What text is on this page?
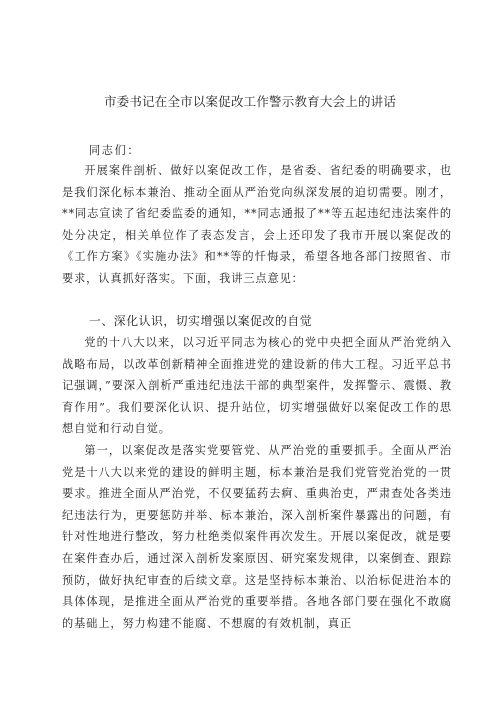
市委书记在全市以案促改工作警示教育大会上的讲话
同志们：

开展案件剖析、做好以案促改工作，是省委、省纪委的明确要求，也是我们深化标本兼治、推动全面从严治党向纵深发展的迫切需要。刚才，**同志宣读了省纪委监委的通知，**同志通报了**等五起违纪违法案件的处分决定，相关单位作了表态发言，会上还印发了我市开展以案促改的《工作方案》《实施办法》和**等的忏悔录，希望各地各部门按照省、市要求，认真抓好落实。下面，我讲三点意见：

一、深化认识，切实增强以案促改的自觉

党的十八大以来，以习近平同志为核心的党中央把全面从严治党纳入战略布局，以改革创新精神全面推进党的建设新的伟大工程。习近平总书记强调，”要深入剖析严重违纪违法干部的典型案件，发挥警示、震慑、教育作用”。我们要深化认识、提升站位，切实增强做好以案促改工作的思想自觉和行动自觉。

第一，以案促改是落实党要管党、从严治党的重要抓手。全面从严治党是十八大以来党的建设的鲜明主题，标本兼治是我们党管党治党的一贯要求。推进全面从严治党，不仅要猛药去痾、重典治吏，严肃查处各类违纪违法行为，更要惩防并举、标本兼治，深入剖析案件暴露出的问题，有针对性地进行整改，努力杜绝类似案件再次发生。开展以案促改，就是要在案件查办后，通过深入剖析发案原因、研究案发规律，以案倒查、跟踪预防，做好执纪审查的后续文章。这是坚持标本兼治、以治标促进治本的具体体现，是推进全面从严治党的重要举措。各地各部门要在强化不敢腐的基础上，努力构建不能腐、不想腐的有效机制，真正
